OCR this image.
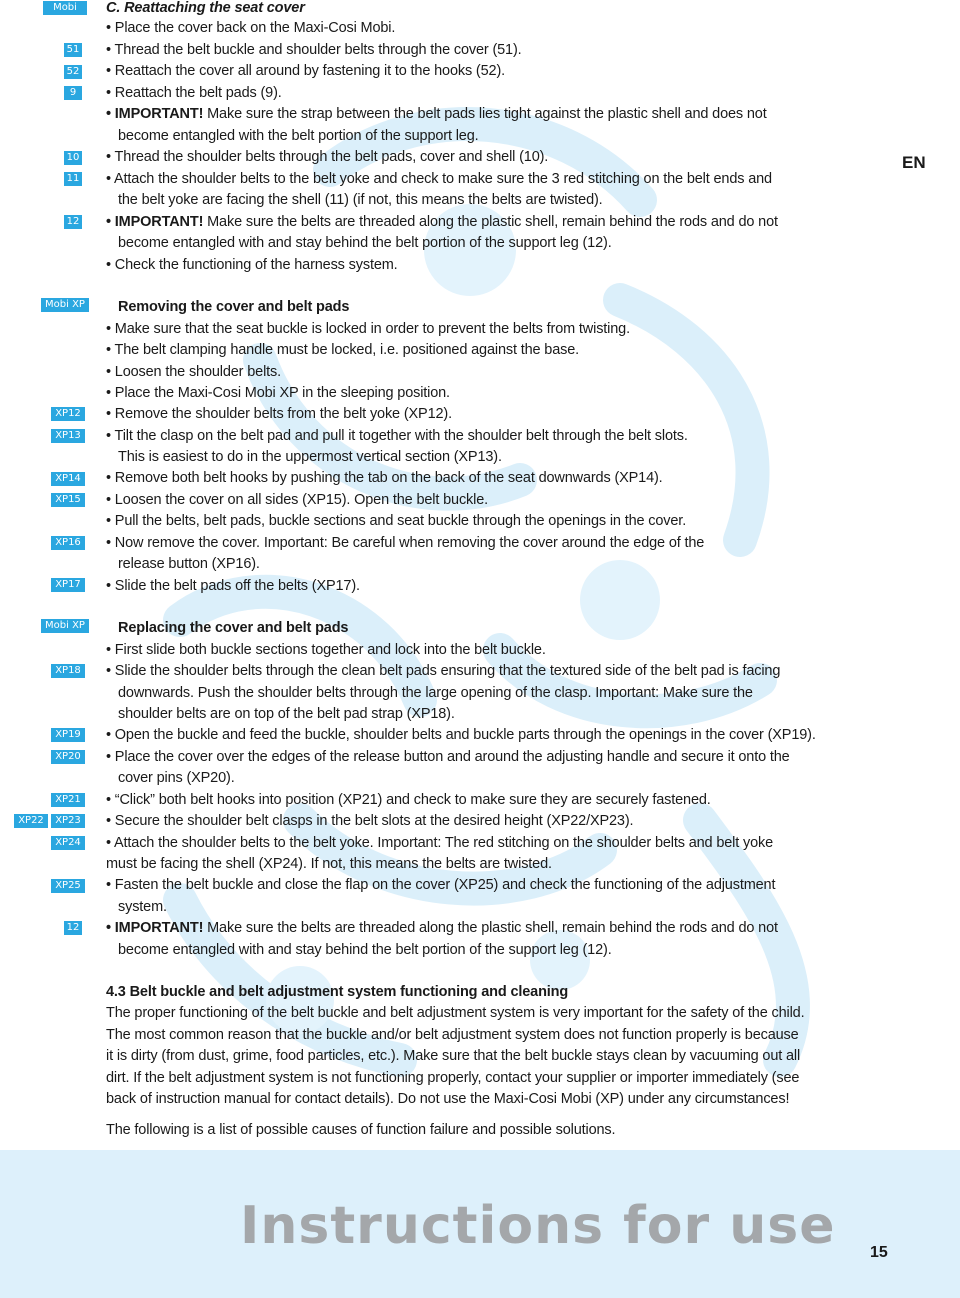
Mobi
51
52
9
10
11
12
Mobi XP
XP12
XP13
XP14
XP15
XP16
XP17
Mobi XP
XP18
XP19
XP20
XP21
XP22	XP23
XP24
XP25
12
EN
C. Reattaching the seat cover
• Place the cover back on the Maxi-Cosi Mobi.
• Thread the belt buckle and shoulder belts through the cover (51).
• Reattach the cover all around by fastening it to the hooks (52).
• Reattach the belt pads (9).
• IMPORTANT! Make sure the strap between the belt pads lies tight against the plastic shell and does not
become entangled with the belt portion of the support leg.
• Thread the shoulder belts through the belt pads, cover and shell (10).
• Attach the shoulder belts to the belt yoke and check to make sure the 3 red stitching on the belt ends and
the belt yoke are facing the shell (11) (if not, this means the belts are twisted).
• IMPORTANT! Make sure the belts are threaded along the plastic shell, remain behind the rods and do not
become entangled with and stay behind the belt portion of the support leg (12).
• Check the functioning of the harness system.
Removing the cover and belt pads
• Make sure that the seat buckle is locked in order to prevent the belts from twisting.
• The belt clamping handle must be locked, i.e. positioned against the base.
• Loosen the shoulder belts.
• Place the Maxi-Cosi Mobi XP in the sleeping position.
• Remove the shoulder belts from the belt yoke (XP12).
• Tilt the clasp on the belt pad and pull it together with the shoulder belt through the belt slots.
This is easiest to do in the uppermost vertical section (XP13).
• Remove both belt hooks by pushing the tab on the back of the seat downwards (XP14).
• Loosen the cover on all sides (XP15). Open the belt buckle.
• Pull the belts, belt pads, buckle sections and seat buckle through the openings in the cover.
• Now remove the cover. Important: Be careful when removing the cover around the edge of the
release button (XP16).
• Slide the belt pads off the belts (XP17).
Replacing the cover and belt pads
• First slide both buckle sections together and lock into the belt buckle.
• Slide the shoulder belts through the clean belt pads ensuring that the textured side of the belt pad is facing
downwards. Push the shoulder belts through the large opening of the clasp. Important: Make sure the
shoulder belts are on top of the belt pad strap (XP18).
• Open the buckle and feed the buckle, shoulder belts and buckle parts through the openings in the cover (XP19).
• Place the cover over the edges of the release button and around the adjusting handle and secure it onto the
cover pins (XP20).
• “Click” both belt hooks into position (XP21) and check to make sure they are securely fastened.
• Secure the shoulder belt clasps in the belt slots at the desired height (XP22/XP23).
• Attach the shoulder belts to the belt yoke. Important: The red stitching on the shoulder belts and belt yoke
must be facing the shell (XP24). If not, this means the belts are twisted.
• Fasten the belt buckle and close the flap on the cover (XP25) and check the functioning of the adjustment
system.
• IMPORTANT! Make sure the belts are threaded along the plastic shell, remain behind the rods and do not
become entangled with and stay behind the belt portion of the support leg (12).
4.3 Belt buckle and belt adjustment system functioning and cleaning
The proper functioning of the belt buckle and belt adjustment system is very important for the safety of the child.
The most common reason that the buckle and/or belt adjustment system does not function properly is because
it is dirty (from dust, grime, food particles, etc.). Make sure that the belt buckle stays clean by vacuuming out all
dirt. If the belt adjustment system is not functioning properly, contact your supplier or importer immediately (see
back of instruction manual for contact details). Do not use the Maxi-Cosi Mobi (XP) under any circumstances!
The following is a list of possible causes of function failure and possible solutions.
Instructions for use 15
